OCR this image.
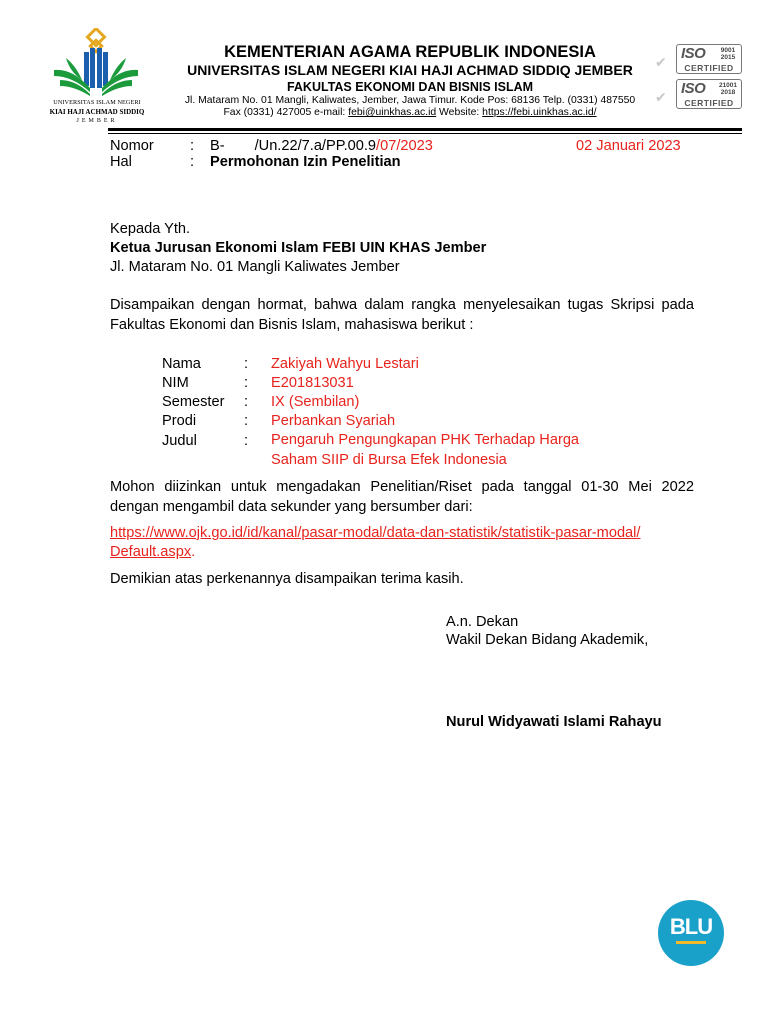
UNIVERSITAS ISLAM NEGERI
KIAI HAJI ACHMAD SIDDIQ
JEMBER
KEMENTERIAN AGAMA REPUBLIK INDONESIA
UNIVERSITAS ISLAM NEGERI KIAI HAJI ACHMAD SIDDIQ JEMBER
FAKULTAS EKONOMI DAN BISNIS ISLAM
Jl. Mataram No. 01 Mangli, Kaliwates, Jember, Jawa Timur. Kode Pos: 68136 Telp. (0331) 487550
Fax (0331) 427005 e-mail: febi@uinkhas.ac.id Website: https://febi.uinkhas.ac.id/
✔ ISO	9001
2015
CERTIFIED
✔ ISO	21001
2018
CERTIFIED
Nomor : B- /Un.22/7.a/PP.00.9/07/2023	02 Januari 2023
Hal	: Permohonan Izin Penelitian
Kepada Yth.
Ketua Jurusan Ekonomi Islam FEBI UIN KHAS Jember
Jl. Mataram No. 01 Mangli Kaliwates Jember
Disampaikan dengan hormat, bahwa dalam rangka menyelesaikan tugas Skripsi pada Fakultas Ekonomi dan Bisnis Islam, mahasiswa berikut :
Nama	: Zakiyah Wahyu Lestari
NIM	: E201813031
Semester : IX (Sembilan)
Prodi	: Perbankan Syariah
Judul	: Pengaruh Pengungkapan PHK Terhadap Harga
Saham SIIP di Bursa Efek Indonesia
Mohon diizinkan untuk mengadakan Penelitian/Riset pada tanggal 01-30 Mei 2022 dengan mengambil data sekunder yang bersumber dari:
https://www.ojk.go.id/id/kanal/pasar-modal/data-dan-statistik/statistik-pasar-modal/
Default.aspx.
Demikian atas perkenannya disampaikan terima kasih.
A.n. Dekan
Wakil Dekan Bidang Akademik,
Nurul Widyawati Islami Rahayu
BLU
